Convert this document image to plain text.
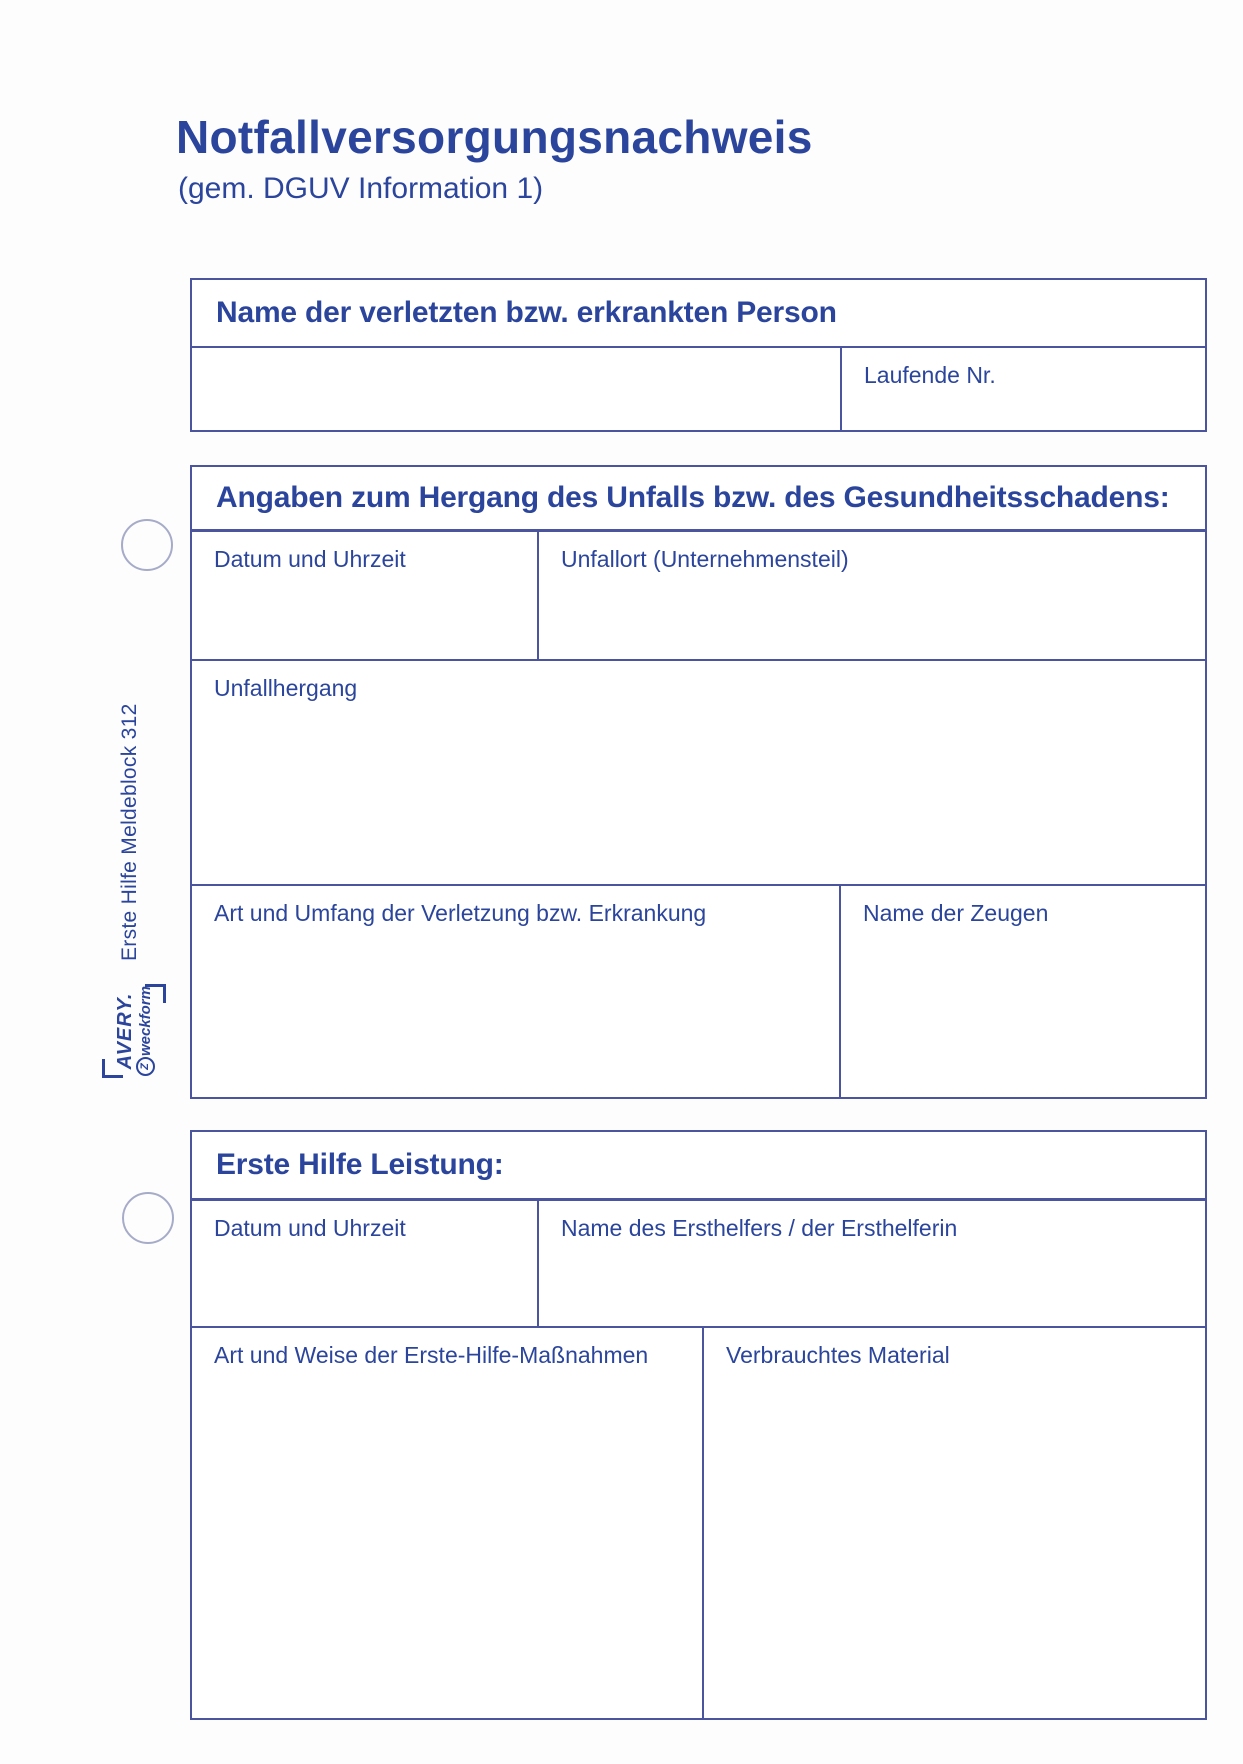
Notfallversorgungsnachweis
(gem. DGUV Information 1)
Erste Hilfe Meldeblock 312
AVERY. Z
weckform
Name der verletzten bzw. erkrankten Person
Laufende Nr.
Angaben zum Hergang des Unfalls bzw. des Gesundheitsschadens:
Datum und Uhrzeit	Unfallort (Unternehmensteil)
Unfallhergang
Art und Umfang der Verletzung bzw. Erkrankung	Name der Zeugen
Erste Hilfe Leistung:
Datum und Uhrzeit	Name des Ersthelfers / der Ersthelferin
Art und Weise der Erste-Hilfe-Maßnahmen	Verbrauchtes Material
